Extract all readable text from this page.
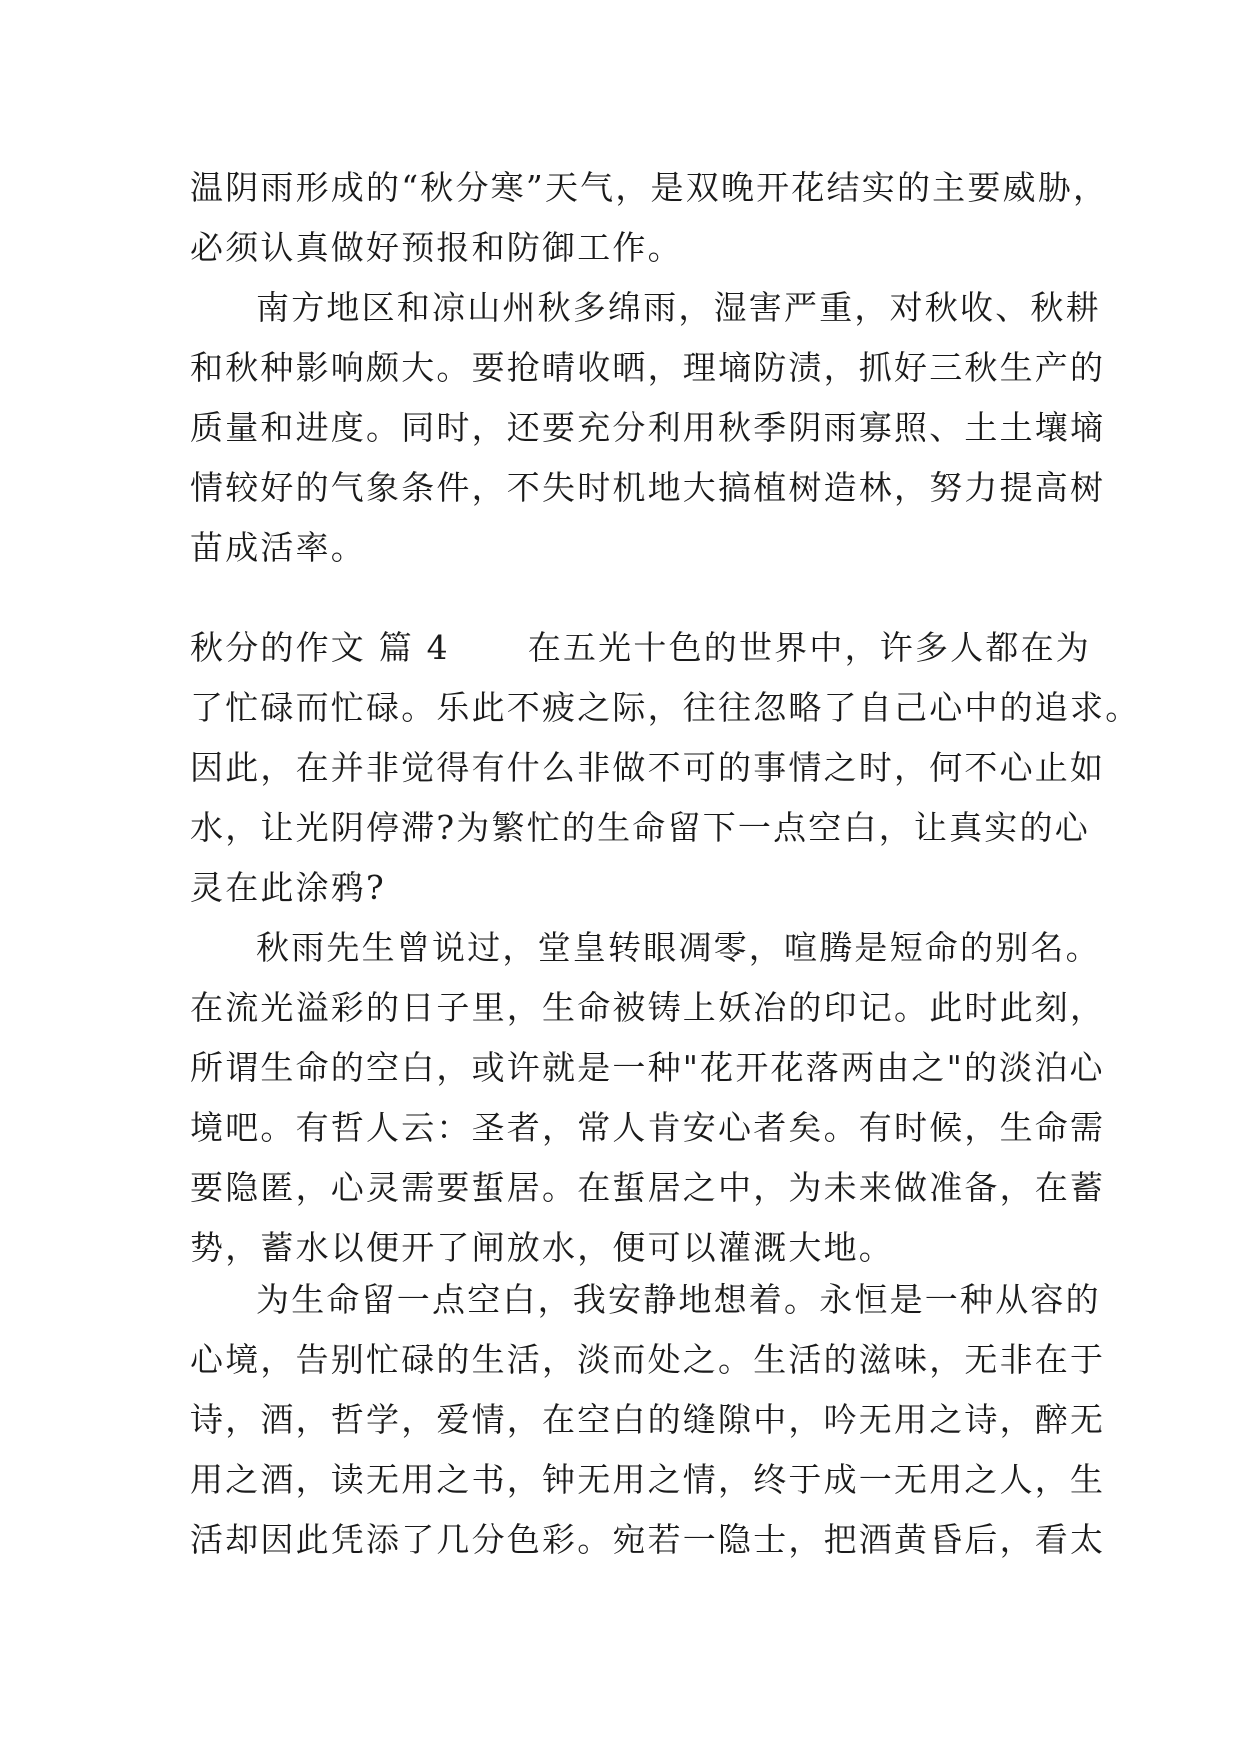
温阴雨形成的“秋分寒”天气，是双晚开花结实的主要威胁，
必须认真做好预报和防御工作。
南方地区和凉山州秋多绵雨，湿害严重，对秋收、秋耕
和秋种影响颇大。要抢晴收晒，理墒防渍，抓好三秋生产的
质量和进度。同时，还要充分利用秋季阴雨寡照、土土壤墒
情较好的气象条件，不失时机地大搞植树造林，努力提高树
苗成活率。
秋分的作文 篇 4 在五光十色的世界中，许多人都在为
了忙碌而忙碌。乐此不疲之际，往往忽略了自己心中的追求。
因此，在并非觉得有什么非做不可的事情之时，何不心止如
水，让光阴停滞?为繁忙的生命留下一点空白，让真实的心
灵在此涂鸦?
秋雨先生曾说过，堂皇转眼凋零，喧腾是短命的别名。
在流光溢彩的日子里，生命被铸上妖冶的印记。此时此刻，
所谓生命的空白，或许就是一种"花开花落两由之"的淡泊心
境吧。有哲人云：圣者，常人肯安心者矣。有时候，生命需
要隐匿，心灵需要蜇居。在蜇居之中，为未来做准备，在蓄
势，蓄水以便开了闸放水，便可以灌溉大地。
为生命留一点空白，我安静地想着。永恒是一种从容的
心境，告别忙碌的生活，淡而处之。生活的滋味，无非在于
诗，酒，哲学，爱情，在空白的缝隙中，吟无用之诗，醉无
用之酒，读无用之书，钟无用之情，终于成一无用之人，生
活却因此凭添了几分色彩。宛若一隐士，把酒黄昏后，看太
